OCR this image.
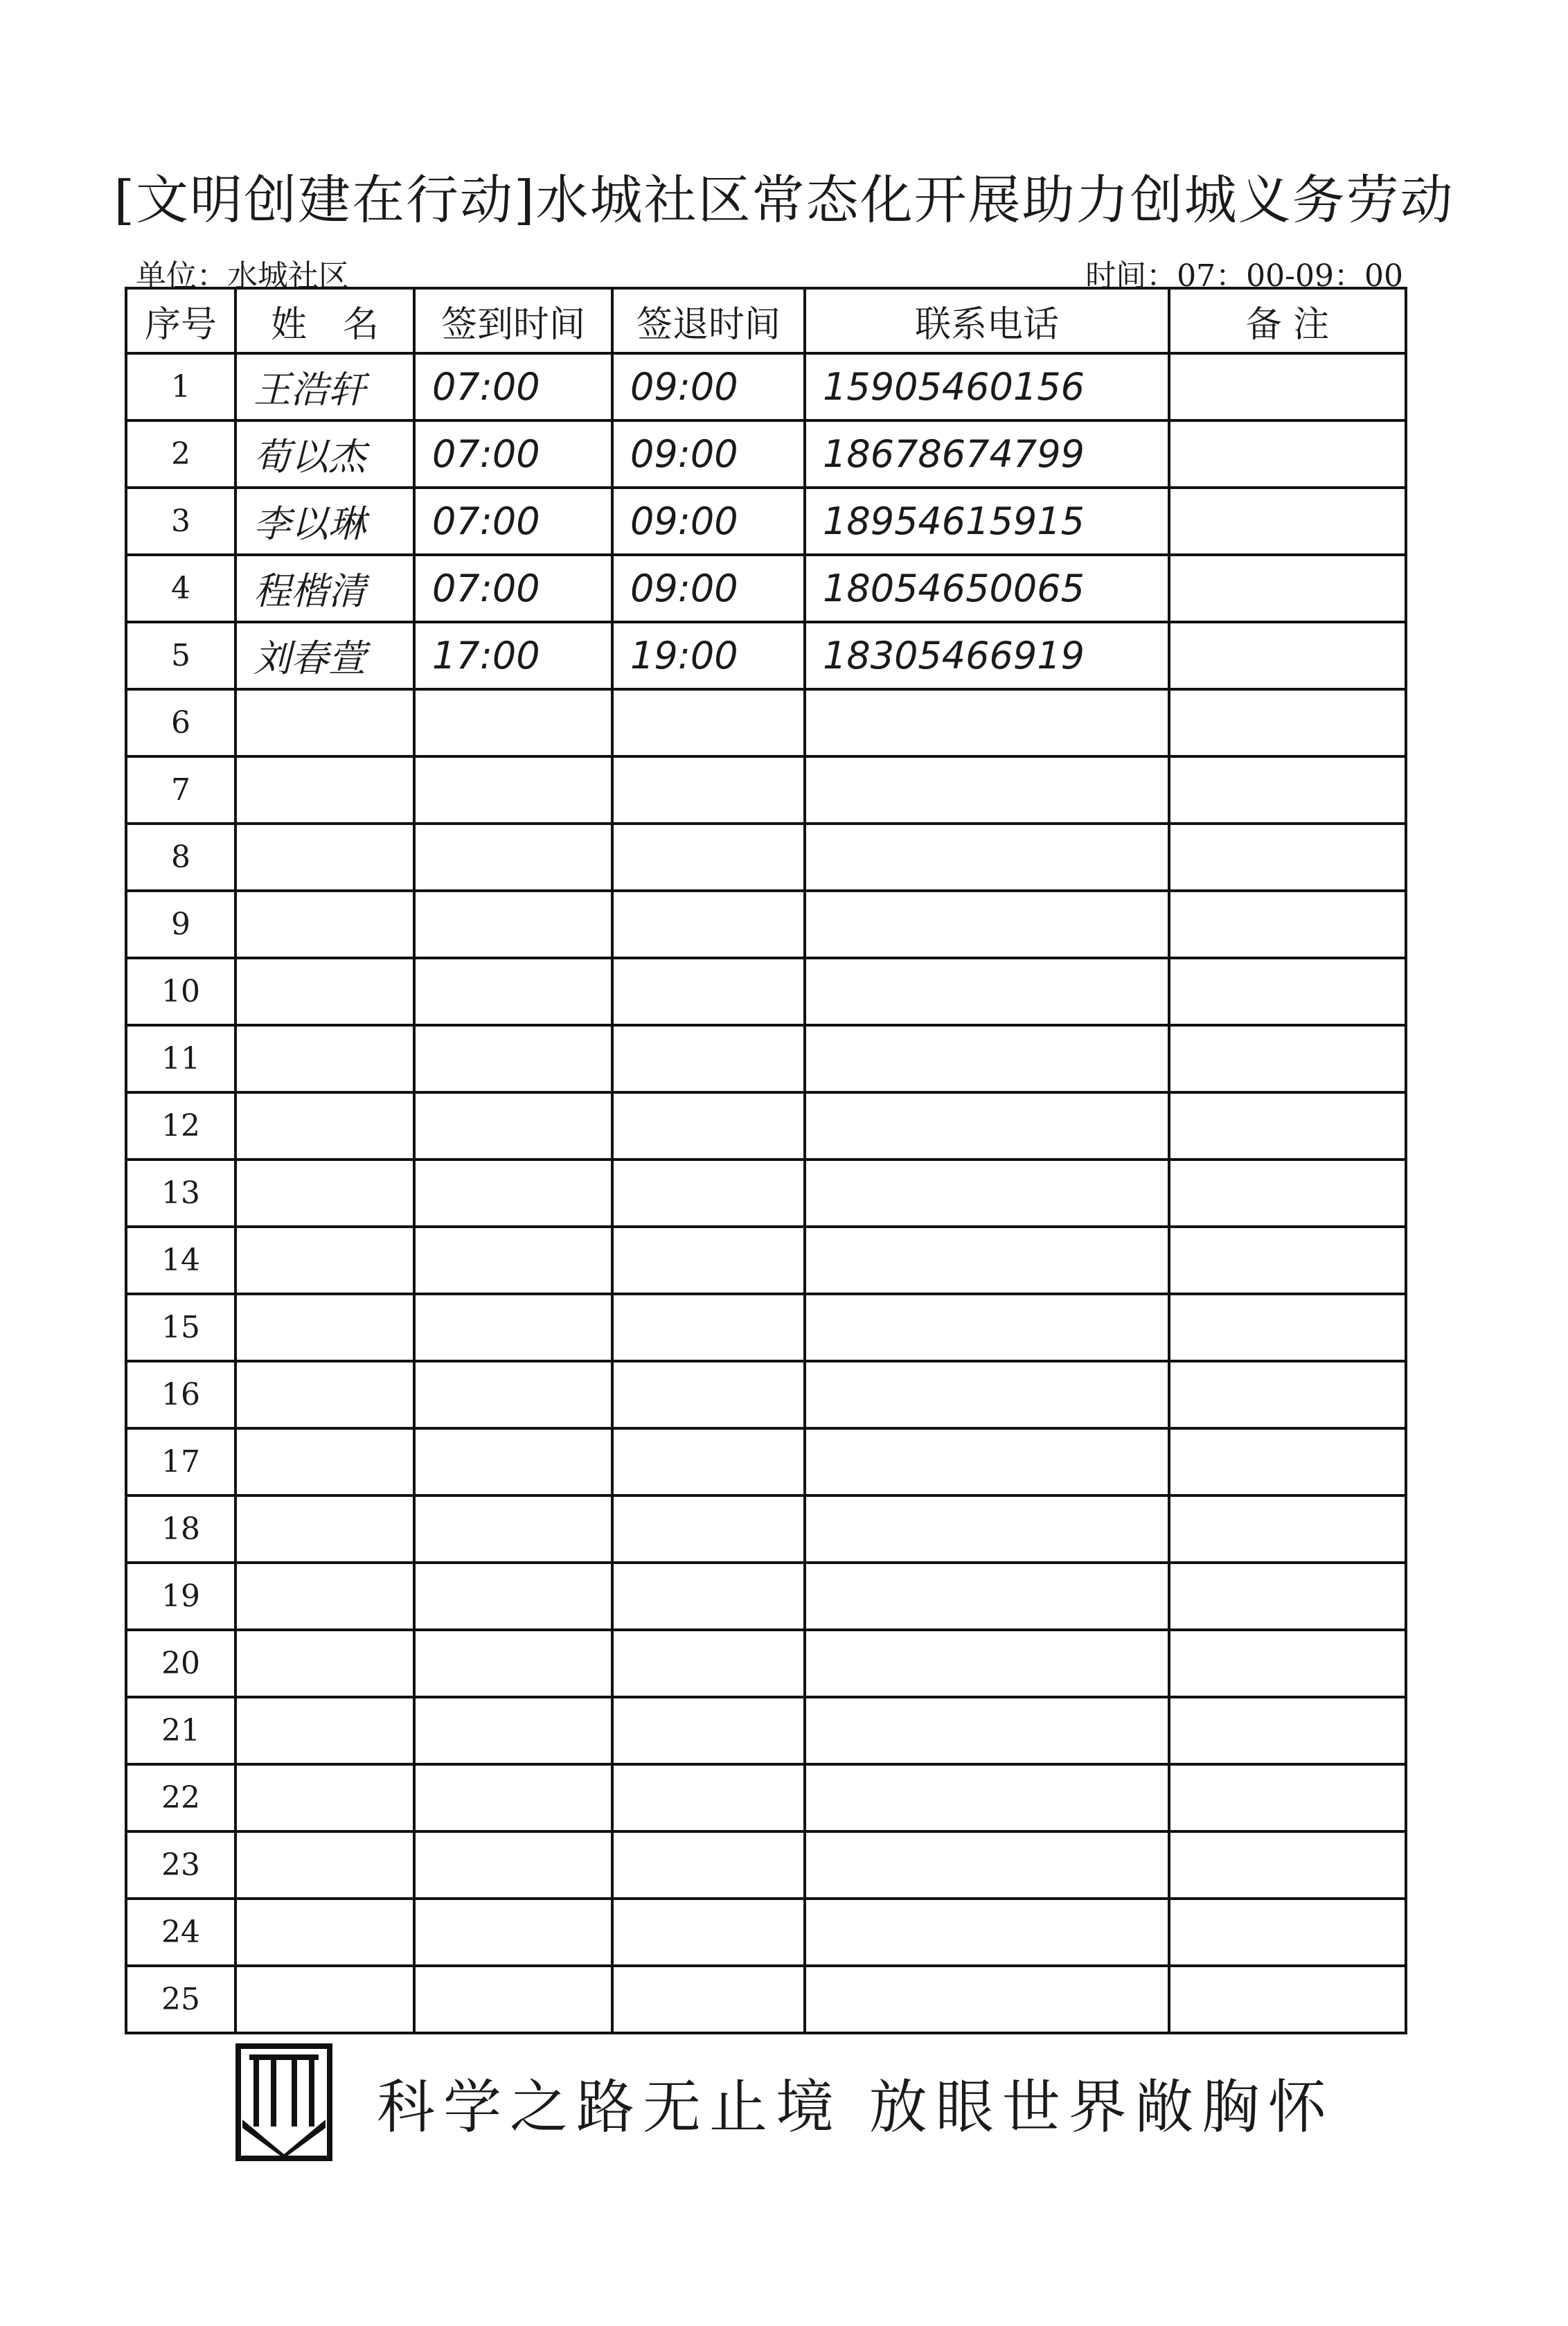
[文明创建在行动]水城社区常态化开展助力创城义务劳动
单位：水城社区	时间：07：00-09：00
序号	姓　名	签到时间	签退时间	联系电话	备 注
1	王浩轩	07:00	09:00	15905460156	
2	荀以杰	07:00	09:00	18678674799	
3	李以琳	07:00	09:00	18954615915	
4	程楷清	07:00	09:00	18054650065	
5	刘春萱	17:00	19:00	18305466919	
6					
7					
8					
9					
10					
11					
12					
13					
14					
15					
16					
17					
18					
19					
20					
21					
22					
23					
24					
25					
科学之路无止境 放眼世界敞胸怀
